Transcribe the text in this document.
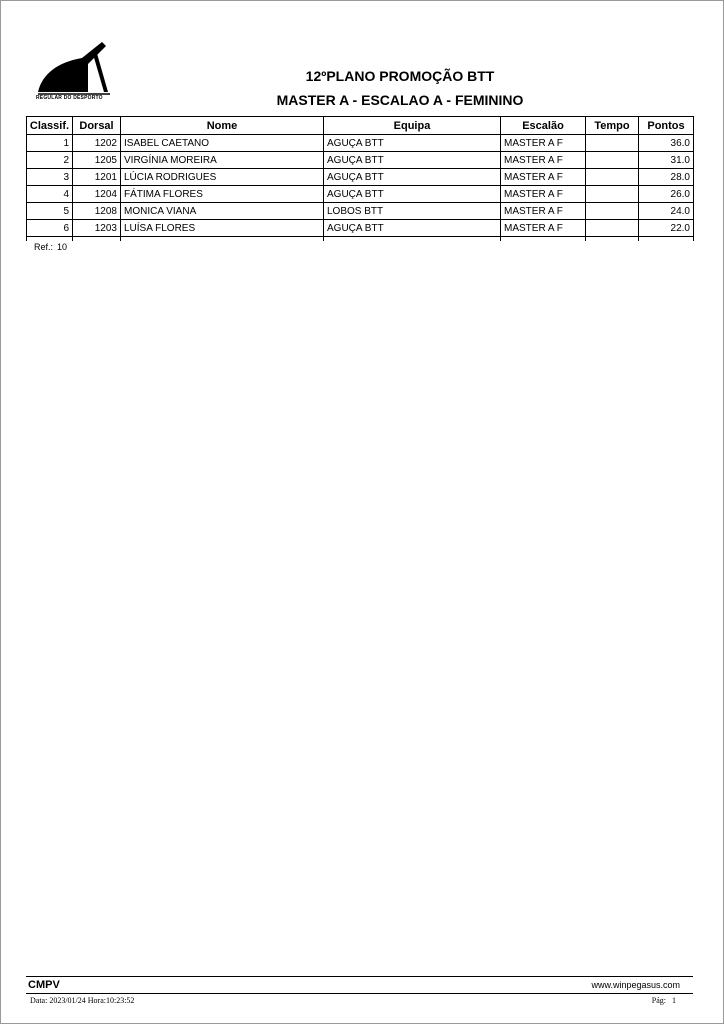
REGULAR DO DESPORTO
12ºPLANO PROMOÇÃO BTT
MASTER A - ESCALAO A - FEMININO
Classif.	Dorsal	Nome	Equipa	Escalão	Tempo	Pontos
1	1202	ISABEL CAETANO	AGUÇA BTT	MASTER A F		36.0
2	1205	VIRGÍNIA MOREIRA	AGUÇA BTT	MASTER A F		31.0
3	1201	LÚCIA RODRIGUES	AGUÇA BTT	MASTER A F		28.0
4	1204	FÁTIMA FLORES	AGUÇA BTT	MASTER A F		26.0
5	1208	MONICA VIANA	LOBOS BTT	MASTER A F		24.0
6	1203	LUÍSA FLORES	AGUÇA BTT	MASTER A F		22.0

Ref.: 10
CMPV	www.winpegasus.com
Data: 2023/01/24 Hora:10:23:52	Pág: 1
